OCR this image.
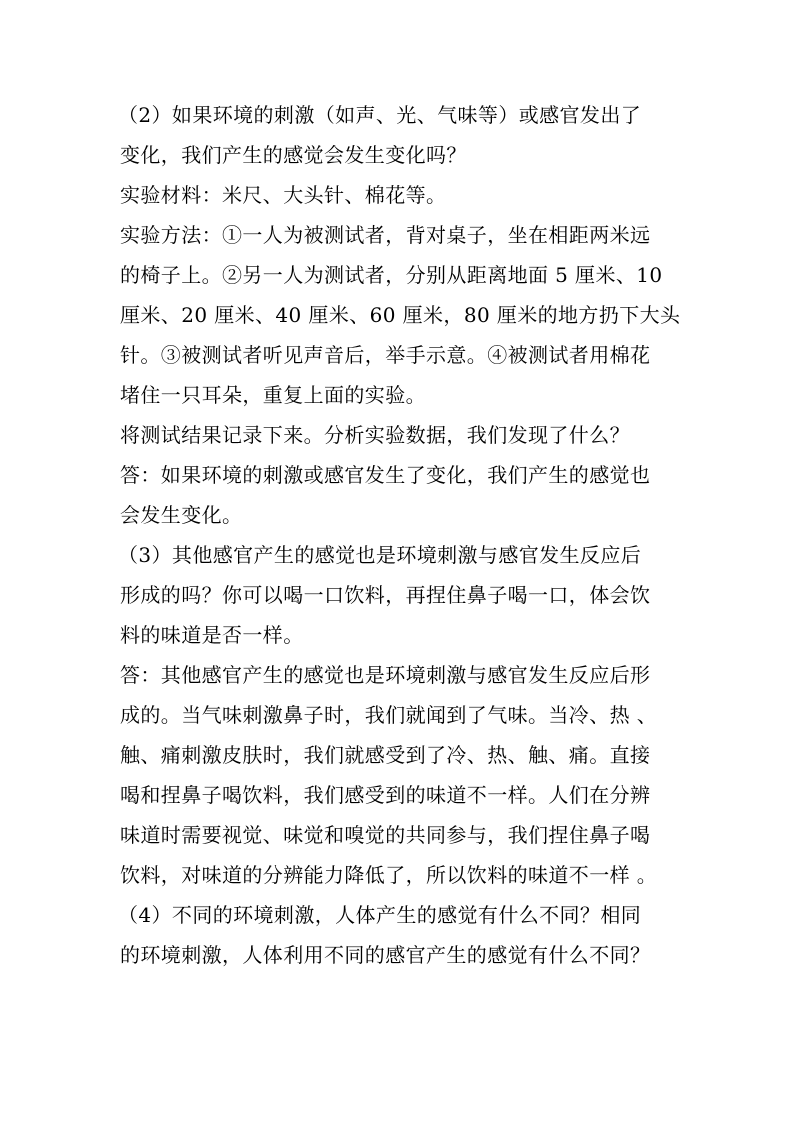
（2）如果环境的刺激（如声、光、气味等）或感官发出了
变化，我们产生的感觉会发生变化吗？
实验材料：米尺、大头针、棉花等。
实验方法：①一人为被测试者，背对桌子，坐在相距两米远
的椅子上。②另一人为测试者，分别从距离地面 5 厘米、10
厘米、20 厘米、40 厘米、60 厘米，80 厘米的地方扔下大头
针。③被测试者听见声音后，举手示意。④被测试者用棉花
堵住一只耳朵，重复上面的实验。
将测试结果记录下来。分析实验数据，我们发现了什么？
答：如果环境的刺激或感官发生了变化，我们产生的感觉也
会发生变化。
（3）其他感官产生的感觉也是环境刺激与感官发生反应后
形成的吗？你可以喝一口饮料，再捏住鼻子喝一口，体会饮
料的味道是否一样。
答：其他感官产生的感觉也是环境刺激与感官发生反应后形
成的。当气味刺激鼻子时，我们就闻到了气味。当冷、热 、
触、痛刺激皮肤时，我们就感受到了冷、热、触、痛。直接
喝和捏鼻子喝饮料，我们感受到的味道不一样。人们在分辨
味道时需要视觉、味觉和嗅觉的共同参与，我们捏住鼻子喝
饮料，对味道的分辨能力降低了，所以饮料的味道不一样 。
（4）不同的环境刺激，人体产生的感觉有什么不同？相同
的环境刺激，人体利用不同的感官产生的感觉有什么不同？
